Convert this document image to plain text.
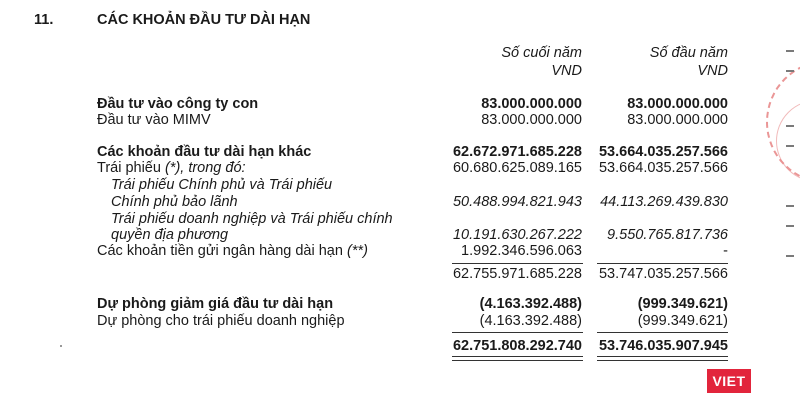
11.	CÁC KHOẢN ĐẦU TƯ DÀI HẠN
Số cuối năm
VND
Số đầu năm
VND
Đầu tư vào công ty con	83.000.000.000	83.000.000.000
Đầu tư vào MIMV	83.000.000.000	83.000.000.000
Các khoản đầu tư dài hạn khác	62.672.971.685.228 53.664.035.257.566
Trái phiếu (*), trong đó:	60.680.625.089.165 53.664.035.257.566
Trái phiếu Chính phủ và Trái phiếu
Chính phủ bảo lãnh	50.488.994.821.943 44.113.269.439.830
Trái phiếu doanh nghiệp và Trái phiếu chính
quyền địa phương	10.191.630.267.222 9.550.765.817.736
Các khoản tiền gửi ngân hàng dài hạn (**)	1.992.346.596.063	-
62.755.971.685.228 53.747.035.257.566
Dự phòng giảm giá đầu tư dài hạn	(4.163.392.488)	(999.349.621)
Dự phòng cho trái phiếu doanh nghiệp	(4.163.392.488)	(999.349.621)
62.751.808.292.740 53.746.035.907.945
VIET
